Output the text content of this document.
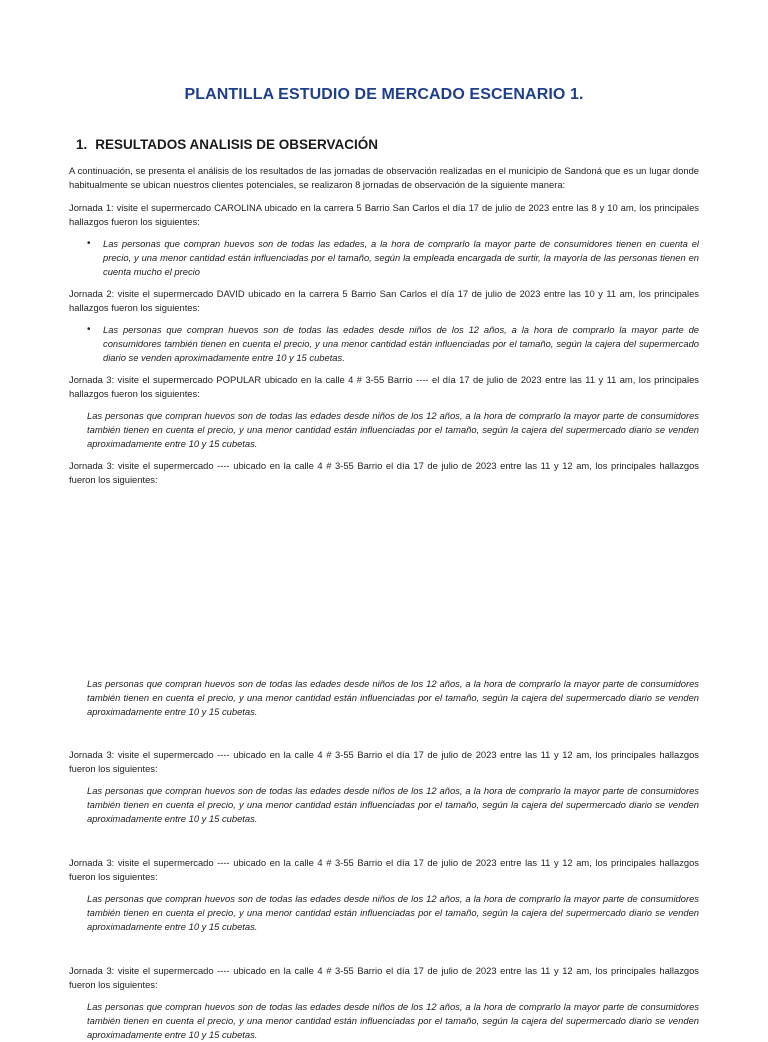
PLANTILLA ESTUDIO DE MERCADO ESCENARIO 1.
1. RESULTADOS ANALISIS DE OBSERVACIÓN
A continuación, se presenta el análisis de los resultados de las jornadas de observación realizadas en el municipio de Sandoná que es un lugar donde habitualmente se ubican nuestros clientes potenciales, se realizaron 8 jornadas de observación de la siguiente manera:
Jornada 1: visite el supermercado CAROLINA ubicado en la carrera 5 Barrio San Carlos el día 17 de julio de 2023 entre las 8 y 10 am, los principales hallazgos fueron los siguientes:
• Las personas que compran huevos son de todas las edades, a la hora de comprarlo la mayor parte de consumidores tienen en cuenta el precio, y una menor cantidad están influenciadas por el tamaño, según la empleada encargada de surtir, la mayoría de las personas tienen en cuenta mucho el precio
Jornada 2: visite el supermercado DAVID ubicado en la carrera 5 Barrio San Carlos el día 17 de julio de 2023 entre las 10 y 11 am, los principales hallazgos fueron los siguientes:
• Las personas que compran huevos son de todas las edades desde niños de los 12 años, a la hora de comprarlo la mayor parte de consumidores también tienen en cuenta el precio, y una menor cantidad están influenciadas por el tamaño, según la cajera del supermercado diario se venden aproximadamente entre 10 y 15 cubetas.
Jornada 3: visite el supermercado POPULAR ubicado en la calle 4 # 3-55 Barrio ---- el día 17 de julio de 2023 entre las 11 y 11 am, los principales hallazgos fueron los siguientes:
Las personas que compran huevos son de todas las edades desde niños de los 12 años, a la hora de comprarlo la mayor parte de consumidores también tienen en cuenta el precio, y una menor cantidad están influenciadas por el tamaño, según la cajera del supermercado diario se venden aproximadamente entre 10 y 15 cubetas.
Jornada 3: visite el supermercado ---- ubicado en la calle 4 # 3-55 Barrio el día 17 de julio de 2023 entre las 11 y 12 am, los principales hallazgos fueron los siguientes:
Las personas que compran huevos son de todas las edades desde niños de los 12 años, a la hora de comprarlo la mayor parte de consumidores también tienen en cuenta el precio, y una menor cantidad están influenciadas por el tamaño, según la cajera del supermercado diario se venden aproximadamente entre 10 y 15 cubetas.
Jornada 3: visite el supermercado ---- ubicado en la calle 4 # 3-55 Barrio el día 17 de julio de 2023 entre las 11 y 12 am, los principales hallazgos fueron los siguientes:
Las personas que compran huevos son de todas las edades desde niños de los 12 años, a la hora de comprarlo la mayor parte de consumidores también tienen en cuenta el precio, y una menor cantidad están influenciadas por el tamaño, según la cajera del supermercado diario se venden aproximadamente entre 10 y 15 cubetas.
Jornada 3: visite el supermercado ---- ubicado en la calle 4 # 3-55 Barrio el día 17 de julio de 2023 entre las 11 y 12 am, los principales hallazgos fueron los siguientes:
Las personas que compran huevos son de todas las edades desde niños de los 12 años, a la hora de comprarlo la mayor parte de consumidores también tienen en cuenta el precio, y una menor cantidad están influenciadas por el tamaño, según la cajera del supermercado diario se venden aproximadamente entre 10 y 15 cubetas.
Jornada 3: visite el supermercado ---- ubicado en la calle 4 # 3-55 Barrio el día 17 de julio de 2023 entre las 11 y 12 am, los principales hallazgos fueron los siguientes:
Las personas que compran huevos son de todas las edades desde niños de los 12 años, a la hora de comprarlo la mayor parte de consumidores también tienen en cuenta el precio, y una menor cantidad están influenciadas por el tamaño, según la cajera del supermercado diario se venden aproximadamente entre 10 y 15 cubetas.
